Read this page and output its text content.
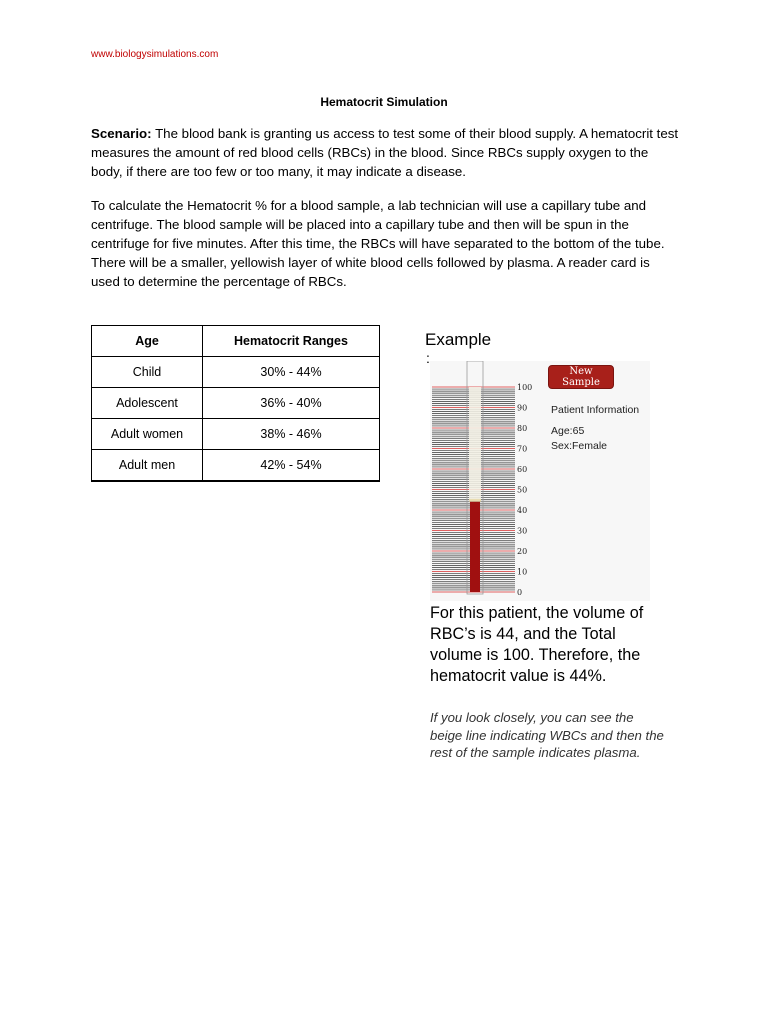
www.biologysimulations.com
Hematocrit Simulation
Scenario: The blood bank is granting us access to test some of their blood supply. A hematocrit test measures the amount of red blood cells (RBCs) in the blood. Since RBCs supply oxygen to the body, if there are too few or too many, it may indicate a disease.
To calculate the Hematocrit % for a blood sample, a lab technician will use a capillary tube and centrifuge. The blood sample will be placed into a capillary tube and then will be spun in the centrifuge for five minutes. After this time, the RBCs will have separated to the bottom of the tube. There will be a smaller, yellowish layer of white blood cells followed by plasma. A reader card is used to determine the percentage of RBCs.
Age	Hematocrit Ranges
Child	30% - 44%
Adolescent	36% - 40%
Adult women	38% - 46%
Adult men	42% - 54%
Example
:
100
90
80
70
60
50
40
30
20
10
0
New Sample
Patient Information
Age:65
Sex:Female
For this patient, the volume of RBC’s is 44, and the Total volume is 100. Therefore, the hematocrit value is 44%.
If you look closely, you can see the beige line indicating WBCs and then the rest of the sample indicates plasma.
